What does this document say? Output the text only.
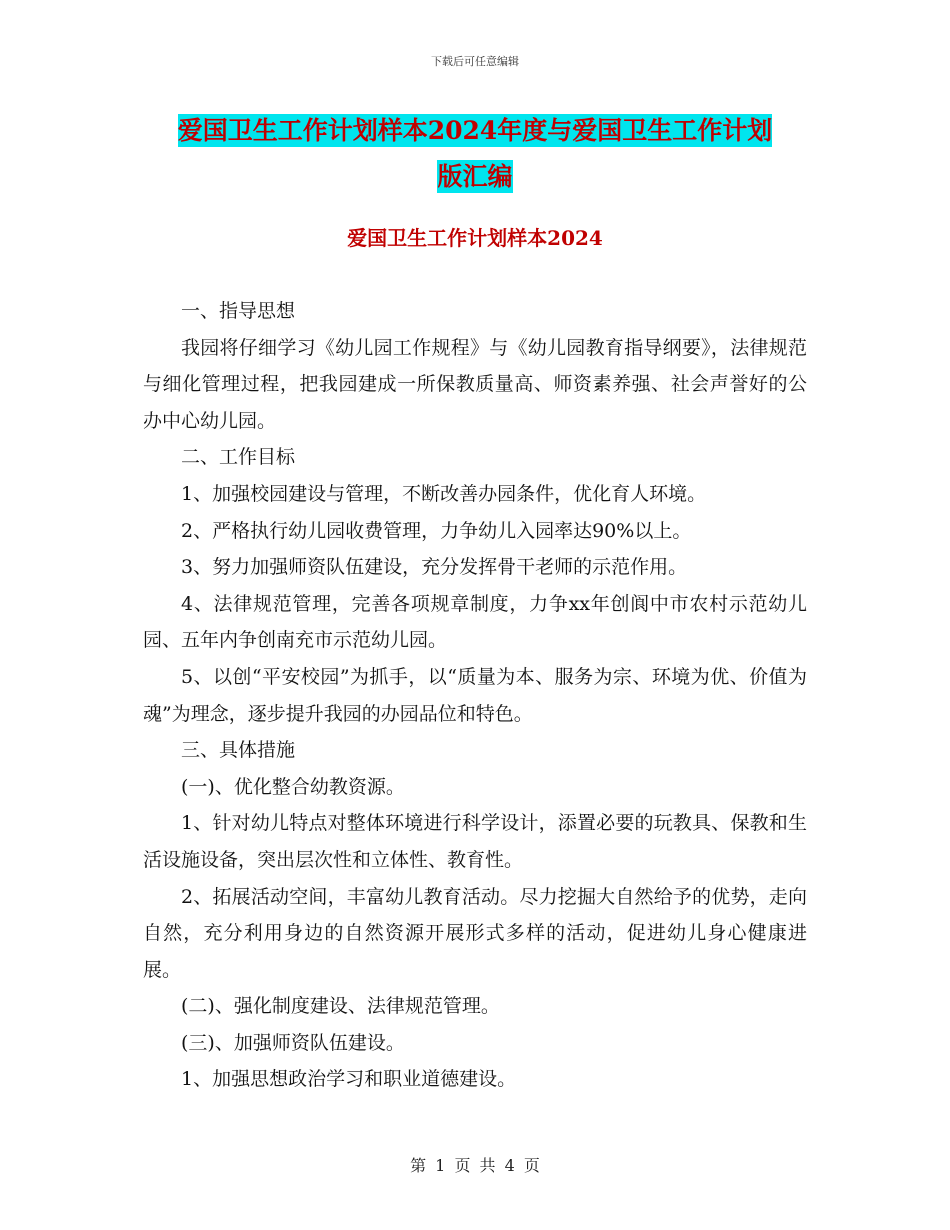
下载后可任意编辑
爱国卫生工作计划样本2024年度与爱国卫生工作计划
版汇编
爱国卫生工作计划样本2024

一、指导思想

我园将仔细学习《幼儿园工作规程》与《幼儿园教育指导纲要》，法律规范与细化管理过程，把我园建成一所保教质量高、师资素养强、社会声誉好的公办中心幼儿园。

二、工作目标

1、加强校园建设与管理，不断改善办园条件，优化育人环境。

2、严格执行幼儿园收费管理，力争幼儿入园率达90%以上。

3、努力加强师资队伍建设，充分发挥骨干老师的示范作用。

4、法律规范管理，完善各项规章制度，力争xx年创阆中市农村示范幼儿园、五年内争创南充市示范幼儿园。

5、以创“平安校园”为抓手，以“质量为本、服务为宗、环境为优、价值为魂”为理念，逐步提升我园的办园品位和特色。

三、具体措施

(一)、优化整合幼教资源。

1、针对幼儿特点对整体环境进行科学设计，添置必要的玩教具、保教和生活设施设备，突出层次性和立体性、教育性。

2、拓展活动空间，丰富幼儿教育活动。尽力挖掘大自然给予的优势，走向自然，充分利用身边的自然资源开展形式多样的活动，促进幼儿身心健康进展。

(二)、强化制度建设、法律规范管理。

(三)、加强师资队伍建设。

1、加强思想政治学习和职业道德建设。

第 1 页 共 4 页
